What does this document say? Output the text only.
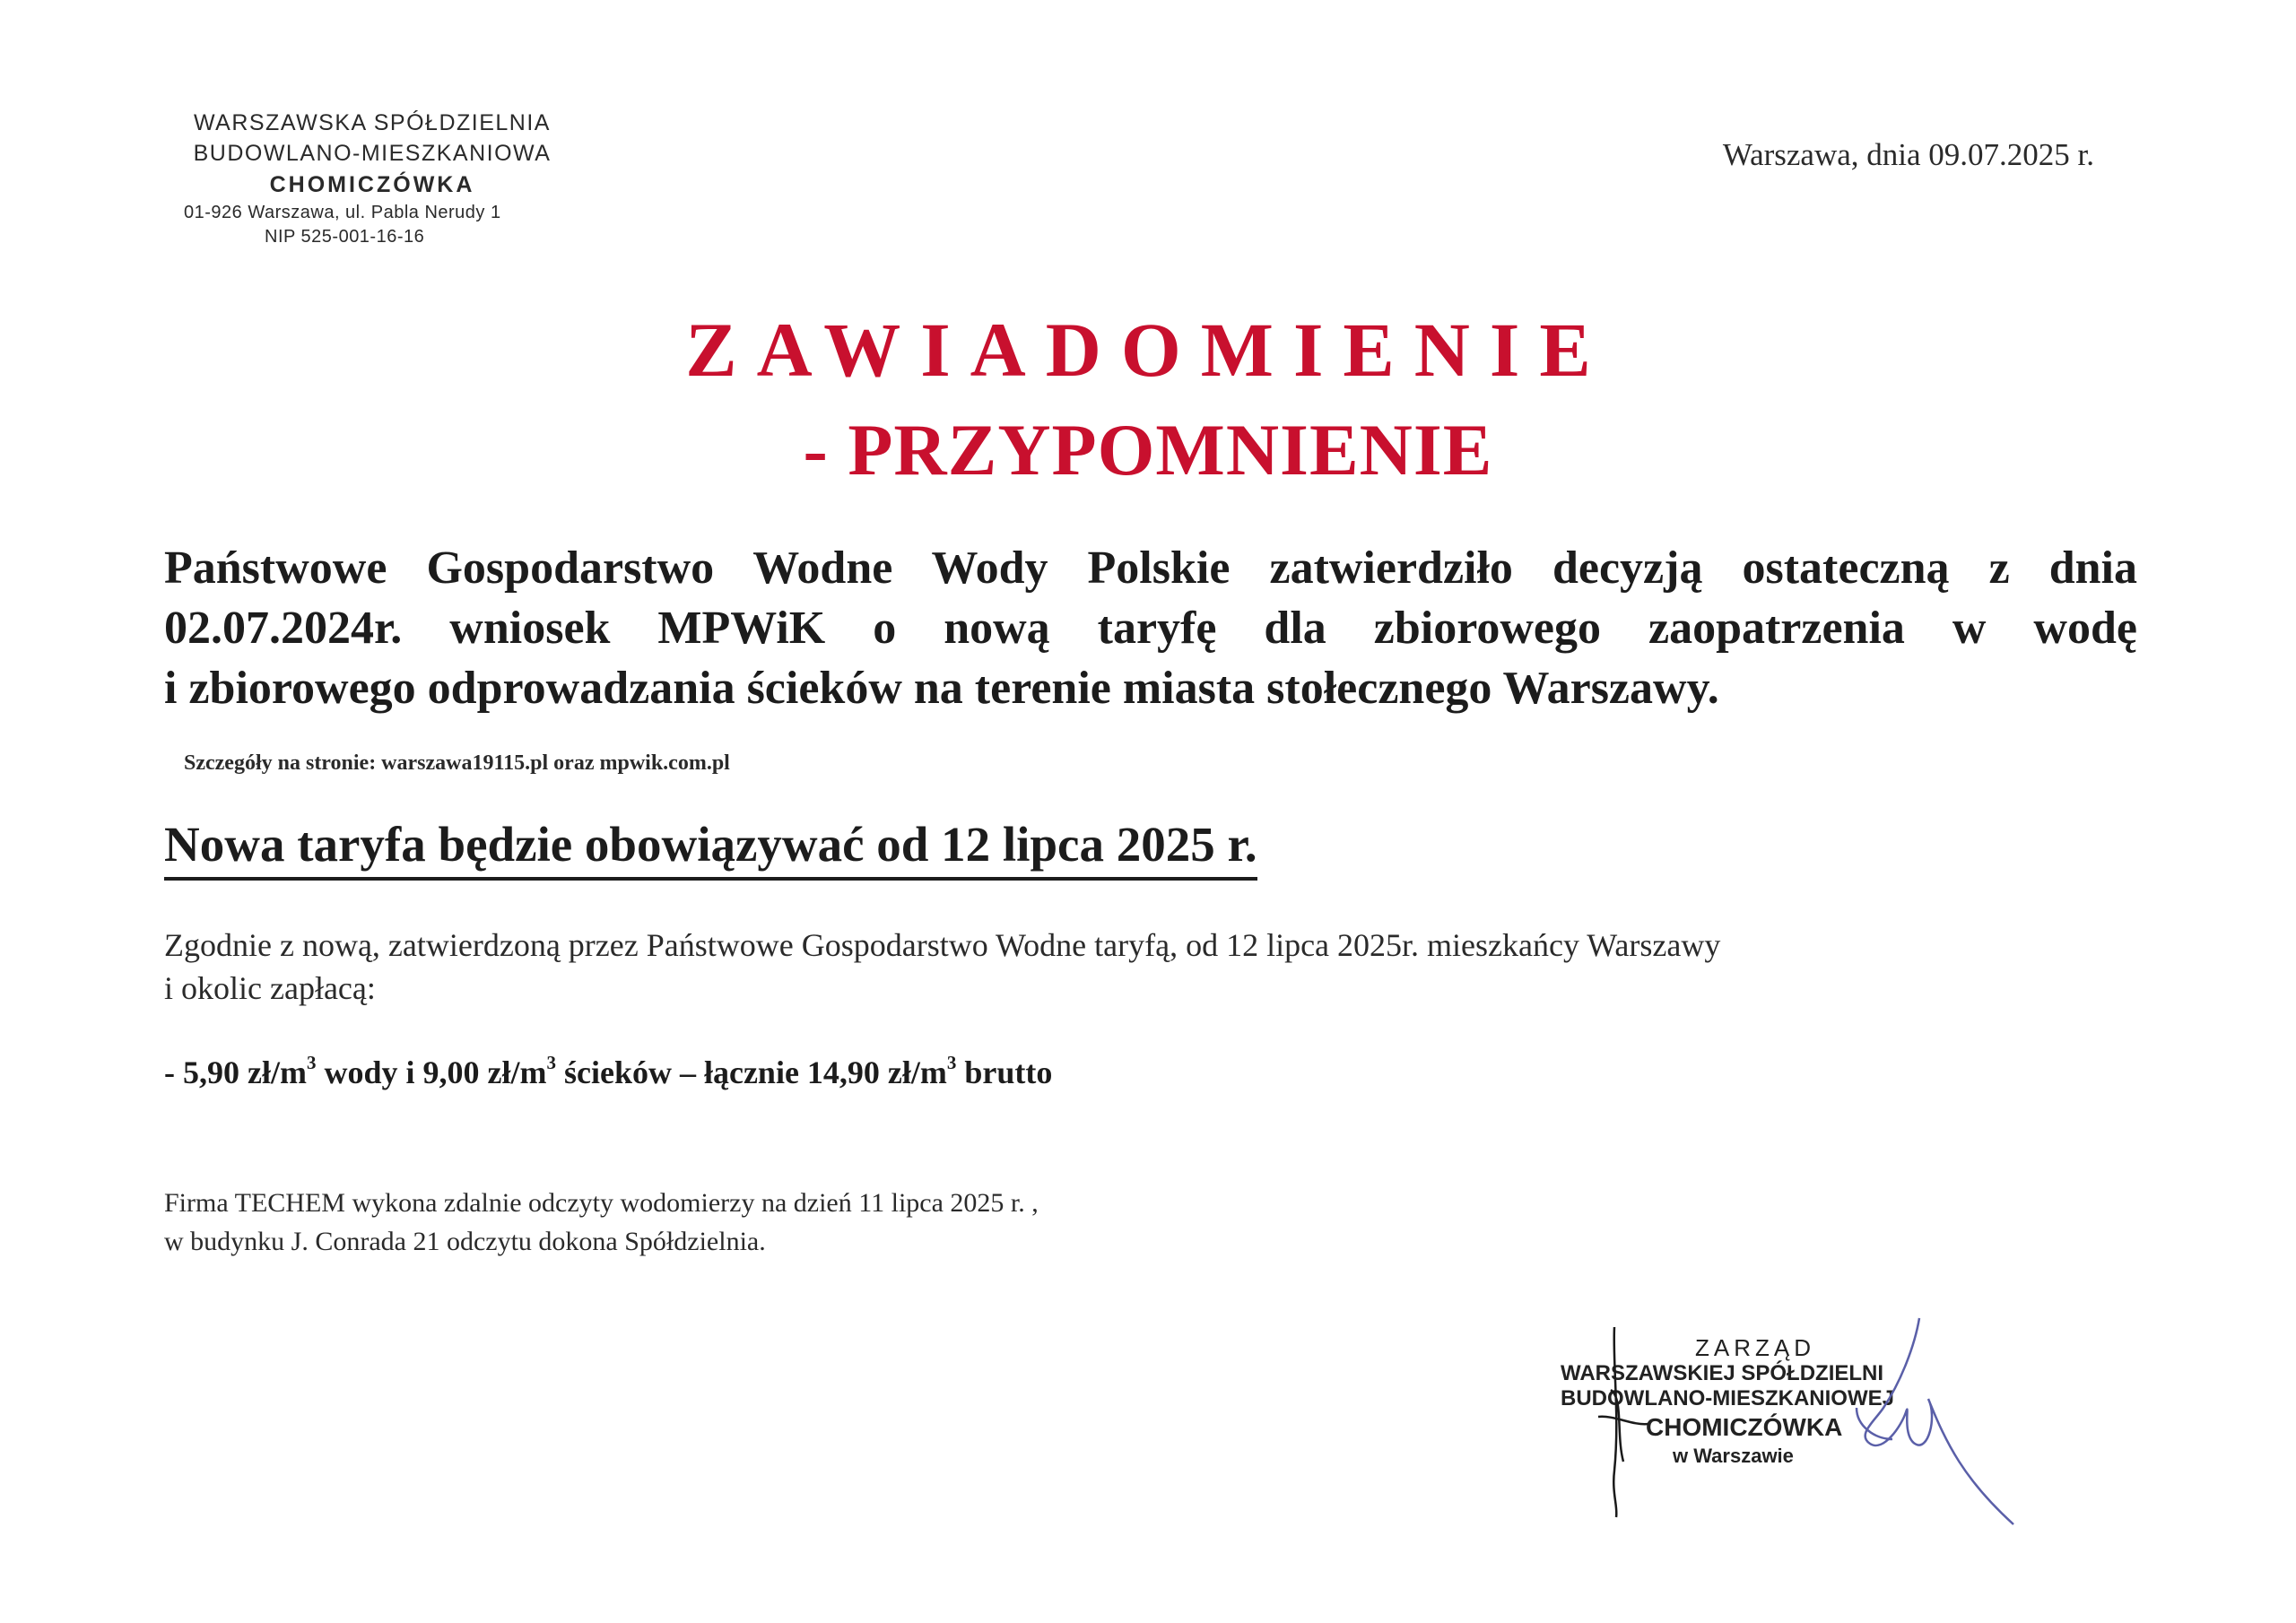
WARSZAWSKA SPÓŁDZIELNIA
BUDOWLANO-MIESZKANIOWA
CHOMICZÓWKA
01-926 Warszawa, ul. Pabla Nerudy 1
NIP 525-001-16-16
Warszawa, dnia 09.07.2025 r.
ZAWIADOMIENIE
- PRZYPOMNIENIE
Państwowe Gospodarstwo Wodne Wody Polskie zatwierdziło decyzją ostateczną z dnia
02.07.2024r. wniosek MPWiK o nową taryfę dla zbiorowego zaopatrzenia w wodę
i zbiorowego odprowadzania ścieków na terenie miasta stołecznego Warszawy.
Szczegóły na stronie: warszawa19115.pl oraz mpwik.com.pl
Nowa taryfa będzie obowiązywać od 12 lipca 2025 r.
Zgodnie z nową, zatwierdzoną przez Państwowe Gospodarstwo Wodne taryfą, od 12 lipca 2025r. mieszkańcy Warszawy
i okolic zapłacą:
- 5,90 $zł/m^3$ wody i 9,00 $zł/m^3$ ścieków – łącznie 14,90 $zł/m^3$ brutto
Firma TECHEM wykona zdalnie odczyty wodomierzy na dzień 11 lipca 2025 r. ,
w budynku J. Conrada 21 odczytu dokona Spółdzielnia.
ZARZĄD
WARSZAWSKIEJ SPÓŁDZIELNI
BUDOWLANO-MIESZKANIOWEJ
CHOMICZÓWKA
w Warszawie
